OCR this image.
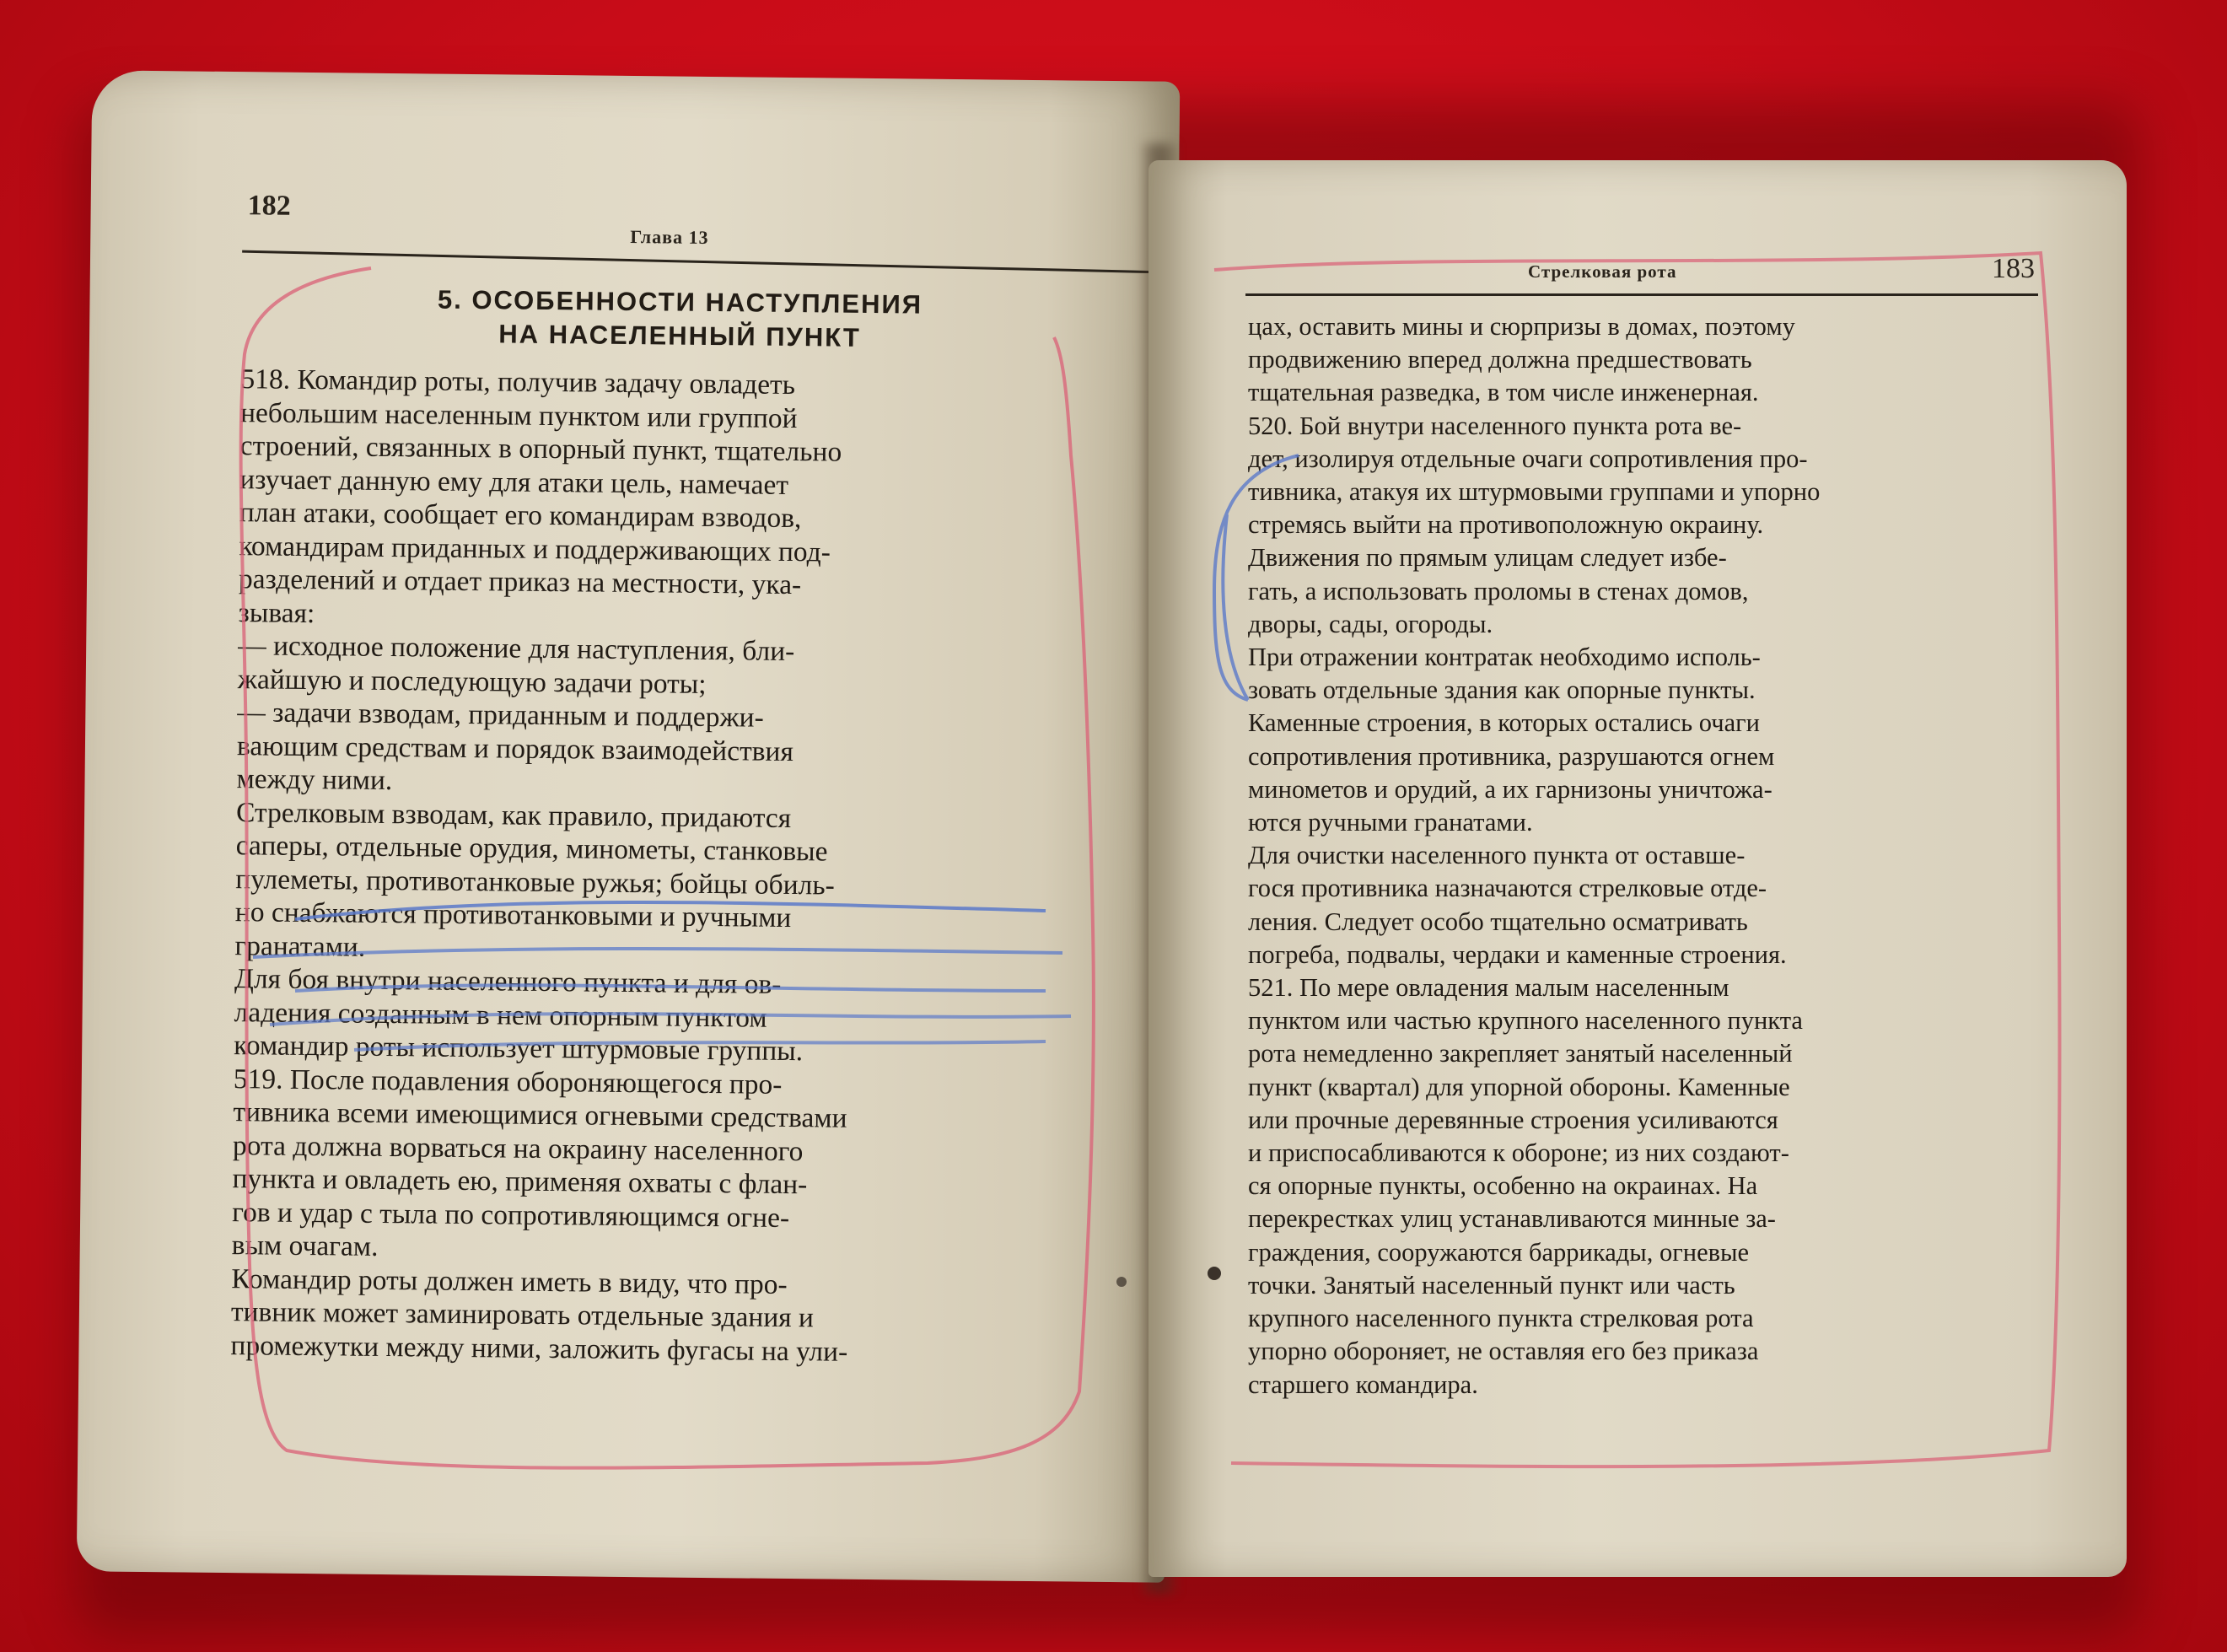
182
Глава 13
5. ОСОБЕННОСТИ НАСТУПЛЕНИЯ
НА НАСЕЛЕННЫЙ ПУНКТ
518. Командир роты, получив задачу овладеть
небольшим населенным пунктом или группой
строений, связанных в опорный пункт, тщательно
изучает данную ему для атаки цель, намечает
план атаки, сообщает его командирам взводов,
командирам приданных и поддерживающих под-
разделений и отдает приказ на местности, ука-
зывая:
— исходное положение для наступления, бли-
жайшую и последующую задачи роты;
— задачи взводам, приданным и поддержи-
вающим средствам и порядок взаимодействия
между ними.
Стрелковым взводам, как правило, придаются
саперы, отдельные орудия, минометы, станковые
пулеметы, противотанковые ружья; бойцы обиль-
но снабжаются противотанковыми и ручными
гранатами.
Для боя внутри населенного пункта и для ов-
ладения созданным в нем опорным пунктом
командир роты использует штурмовые группы.
519. После подавления обороняющегося про-
тивника всеми имеющимися огневыми средствами
рота должна ворваться на окраину населенного
пункта и овладеть ею, применяя охваты с флан-
гов и удар с тыла по сопротивляющимся огне-
вым очагам.
Командир роты должен иметь в виду, что про-
тивник может заминировать отдельные здания и
промежутки между ними, заложить фугасы на ули-
Стрелковая рота	183
цах, оставить мины и сюрпризы в домах, поэтому
продвижению вперед должна предшествовать
тщательная разведка, в том числе инженерная.
520. Бой внутри населенного пункта рота ве-
дет, изолируя отдельные очаги сопротивления про-
тивника, атакуя их штурмовыми группами и упорно
стремясь выйти на противоположную окраину.
Движения по прямым улицам следует избе-
гать, а использовать проломы в стенах домов,
дворы, сады, огороды.
При отражении контратак необходимо исполь-
зовать отдельные здания как опорные пункты.
Каменные строения, в которых остались очаги
сопротивления противника, разрушаются огнем
минометов и орудий, а их гарнизоны уничтожа-
ются ручными гранатами.
Для очистки населенного пункта от оставше-
гося противника назначаются стрелковые отде-
ления. Следует особо тщательно осматривать
погреба, подвалы, чердаки и каменные строения.
521. По мере овладения малым населенным
пунктом или частью крупного населенного пункта
рота немедленно закрепляет занятый населенный
пункт (квартал) для упорной обороны. Каменные
или прочные деревянные строения усиливаются
и приспосабливаются к обороне; из них создают-
ся опорные пункты, особенно на окраинах. На
перекрестках улиц устанавливаются минные за-
граждения, сооружаются баррикады, огневые
точки. Занятый населенный пункт или часть
крупного населенного пункта стрелковая рота
упорно обороняет, не оставляя его без приказа
старшего командира.
